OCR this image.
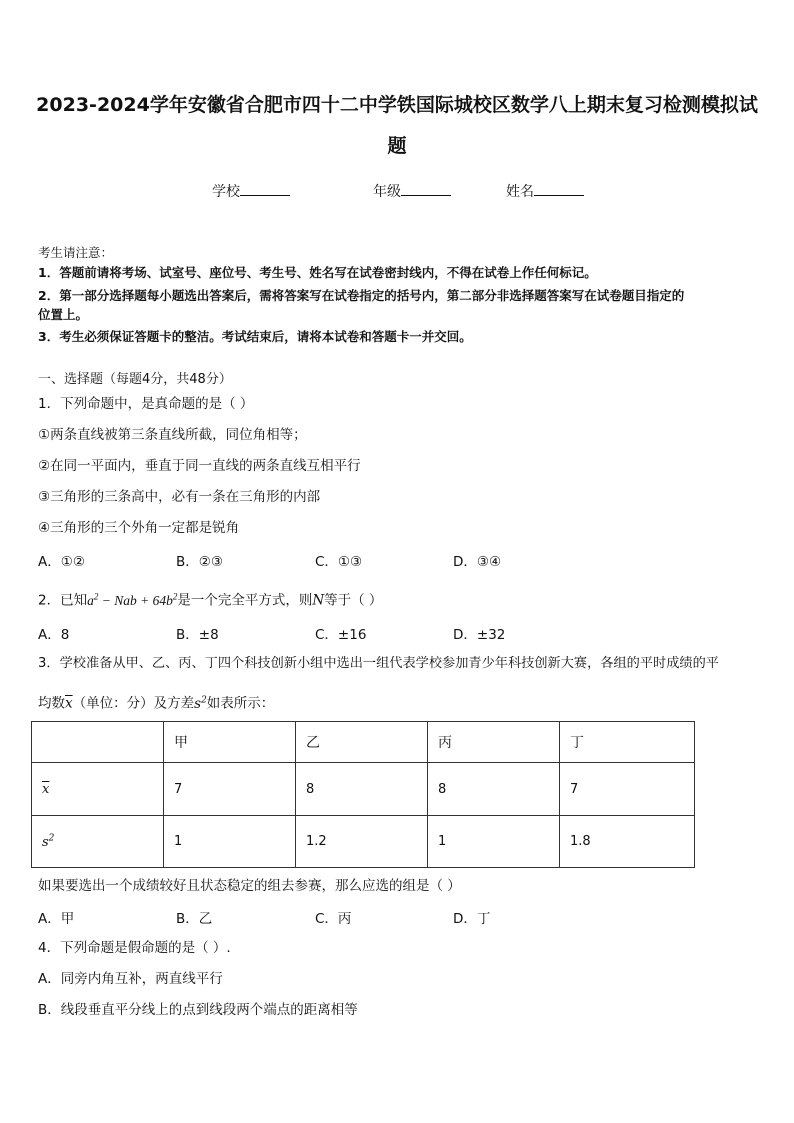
2023-2024学年安徽省合肥市四十二中学铁国际城校区数学八上期末复习检测模拟试
题
学校	年级	姓名
考生请注意：
1．答题前请将考场、试室号、座位号、考生号、姓名写在试卷密封线内，不得在试卷上作任何标记。
2．第一部分选择题每小题选出答案后，需将答案写在试卷指定的括号内，第二部分非选择题答案写在试卷题目指定的
位置上。
3．考生必须保证答题卡的整洁。考试结束后，请将本试卷和答题卡一并交回。
一、选择题（每题4分，共48分）
1．下列命题中，是真命题的是（ ）
①两条直线被第三条直线所截，同位角相等；
②在同一平面内，垂直于同一直线的两条直线互相平行
③三角形的三条高中，必有一条在三角形的内部
④三角形的三个外角一定都是锐角
A．①②	B．②③	C．①③	D．③④
2．已知$a^2$ − Nab + $64b^2$是一个完全平方式，则N等于（ ）
A．8	B．±8	C．±16	D．±32
3．学校准备从甲、乙、丙、丁四个科技创新小组中选出一组代表学校参加青少年科技创新大赛，各组的平时成绩的平
均数$\overline{x}$（单位：分）及方差$s^2$如表所示：
	甲	乙	丙	丁
$\overline{x}$	7	8	8	7
$s^2$	1	1.2	1	1.8
如果要选出一个成绩较好且状态稳定的组去参赛，那么应选的组是（ ）
A．甲	B．乙	C．丙	D．丁
4．下列命题是假命题的是（ ）.
A．同旁内角互补，两直线平行
B．线段垂直平分线上的点到线段两个端点的距离相等
